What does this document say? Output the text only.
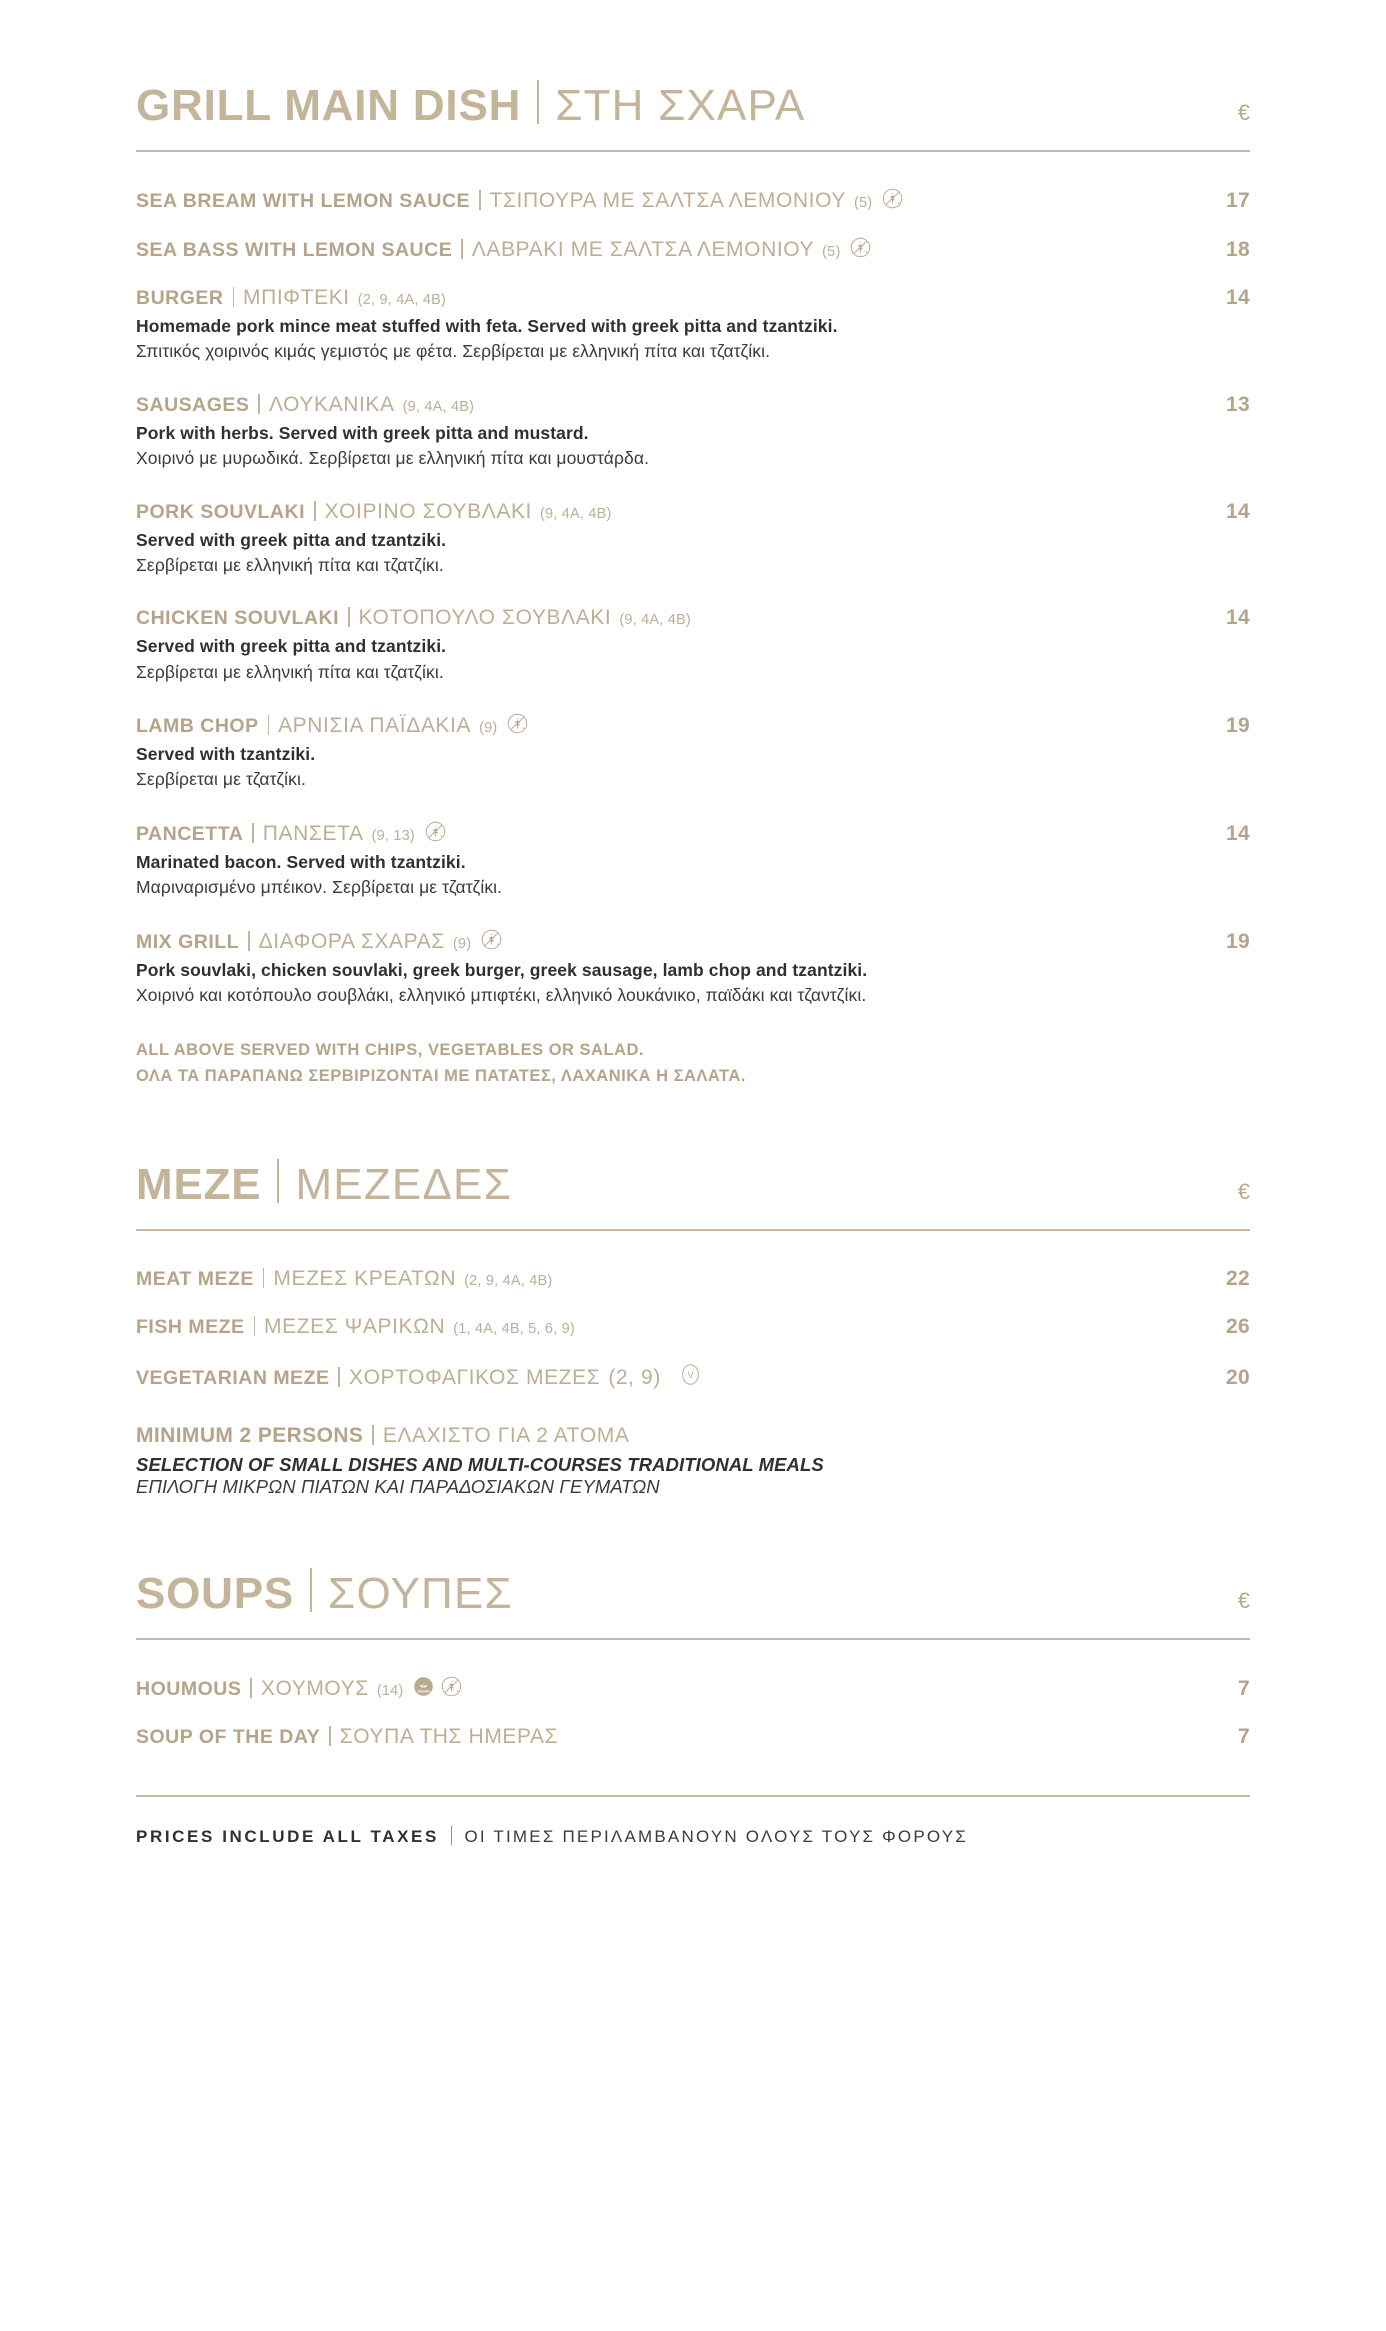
GRILL MAIN DISH ΣΤΗ ΣΧΑΡΑ	€
SEA BREAM WITH LEMON SAUCE ΤΣΙΠΟΥΡΑ ΜΕ ΣΑΛΤΣΑ ΛΕΜΟΝΙΟΥ (5)	17
SEA BASS WITH LEMON SAUCE ΛΑΒΡΑΚΙ ΜΕ ΣΑΛΤΣΑ ΛΕΜΟΝΙΟΥ (5)	18
BURGER ΜΠΙΦΤΕΚΙ (2, 9, 4A, 4B)	14
Homemade pork mince meat stuffed with feta. Served with greek pitta and tzantziki.
Σπιτικός χοιρινός κιμάς γεμιστός με φέτα. Σερβίρεται με ελληνική πίτα και τζατζίκι.
SAUSAGES ΛΟΥΚΑΝΙΚΑ (9, 4A, 4B)	13
Pork with herbs. Served with greek pitta and mustard.
Χοιρινό με μυρωδικά. Σερβίρεται με ελληνική πίτα και μουστάρδα.
PORK SOUVLAKI ΧΟΙΡΙΝΟ ΣΟΥΒΛΑΚΙ (9, 4A, 4B)	14
Served with greek pitta and tzantziki.
Σερβίρεται με ελληνική πίτα και τζατζίκι.
CHICKEN SOUVLAKI ΚΟΤΟΠΟΥΛΟ ΣΟΥΒΛΑΚΙ (9, 4A, 4B)	14
Served with greek pitta and tzantziki.
Σερβίρεται με ελληνική πίτα και τζατζίκι.
LAMB CHOP ΑΡΝΙΣΙΑ ΠΑΪΔΑΚΙΑ (9)	19
Served with tzantziki.
Σερβίρεται με τζατζίκι.
PANCETTA ΠΑΝΣΕΤΑ (9, 13)	14
Marinated bacon. Served with tzantziki.
Μαριναρισμένο μπέικον. Σερβίρεται με τζατζίκι.
MIX GRILL ΔΙΑΦΟΡΑ ΣΧΑΡΑΣ (9)	19
Pork souvlaki, chicken souvlaki, greek burger, greek sausage, lamb chop and tzantziki.
Χοιρινό και κοτόπουλο σουβλάκι, ελληνικό μπιφτέκι, ελληνικό λουκάνικο, παϊδάκι και τζαντζίκι.
ALL ABOVE SERVED WITH CHIPS, VEGETABLES OR SALAD.
ΟΛΑ ΤΑ ΠΑΡΑΠΑΝΩ ΣΕΡΒΙΡΙΖΟΝΤΑΙ ΜΕ ΠΑΤΑΤΕΣ, ΛΑΧΑΝΙΚΑ Η ΣΑΛΑΤΑ.
MEZE ΜΕΖΕΔΕΣ	€
MEAT MEZE ΜΕΖΕΣ ΚΡΕΑΤΩΝ (2, 9, 4A, 4B)	22
FISH MEZE ΜΕΖΕΣ ΨΑΡΙΚΩΝ (1, 4A, 4B, 5, 6, 9)	26
VEGETARIAN MEZE ΧΟΡΤΟΦΑΓΙΚΟΣ ΜΕΖΕΣ (2, 9)	V	20
MINIMUM 2 PERSONS ΕΛΑΧΙΣΤΟ ΓΙΑ 2 ΑΤΟΜΑ
SELECTION OF SMALL DISHES AND MULTI-COURSES TRADITIONAL MEALS
ΕΠΙΛΟΓΗ ΜΙΚΡΩΝ ΠΙΑΤΩΝ ΚΑΙ ΠΑΡΑΔΟΣΙΑΚΩΝ ΓΕΥΜΑΤΩΝ
SOUPS ΣΟΥΠΕΣ	€
HOUMOUS ΧΟΥΜΟΥΣ (14)	VEGAN	7
SOUP OF THE DAY ΣΟΥΠΑ ΤΗΣ ΗΜΕΡΑΣ	7
PRICES INCLUDE ALL TAXES ΟΙ ΤΙΜΕΣ ΠΕΡΙΛΑΜΒΑΝΟΥΝ ΟΛΟΥΣ ΤΟΥΣ ΦΟΡΟΥΣ
